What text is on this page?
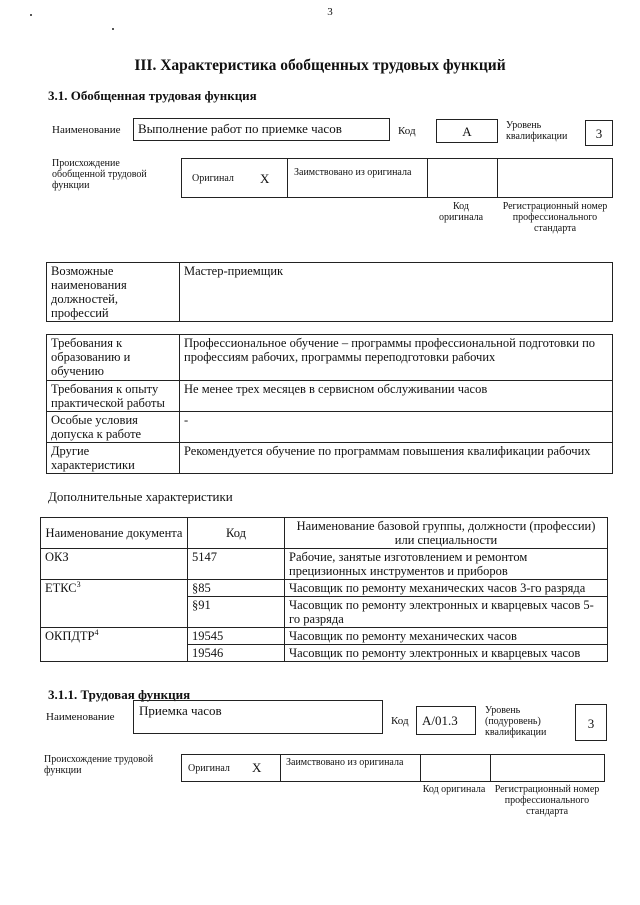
3
III. Характеристика обобщенных трудовых функций
3.1. Обобщенная трудовая функция
Наименование	Выполнение работ по приемке часов	Код	А	Уровень квалификации	3
Происхождение обобщенной трудовой функции
Оригинал Х Заимствовано из оригинала
Код оригинала
Регистрационный номер профессионального стандарта
Возможные наименования должностей, профессий	Мастер-приемщик
Требования к образованию и обучению	Профессиональное обучение – программы профессиональной подготовки по профессиям рабочих, программы переподготовки рабочих
Требования к опыту практической работы	Не менее трех месяцев в сервисном обслуживании часов
Особые условия допуска к работе	-
Другие характеристики	Рекомендуется обучение по программам повышения квалификации рабочих
Дополнительные характеристики
Наименование документа	Код	Наименование базовой группы, должности (профессии) или специальности
ОКЗ	5147	Рабочие, занятые изготовлением и ремонтом прецизионных инструментов и приборов
ЕТКС$^3$	§85	Часовщик по ремонту механических часов 3-го разряда
	§91	Часовщик по ремонту электронных и кварцевых часов 5-го разряда
ОКПДТР$^4$	19545	Часовщик по ремонту механических часов
	19546	Часовщик по ремонту электронных и кварцевых часов
3.1.1. Трудовая функция
Наименование	Приемка часов
Код	А/01.3
Уровень (подуровень) квалификации
3
Происхождение трудовой функции	Оригинал Х Заимствовано из оригинала
Код оригинала Регистрационный номер профессионального стандарта
